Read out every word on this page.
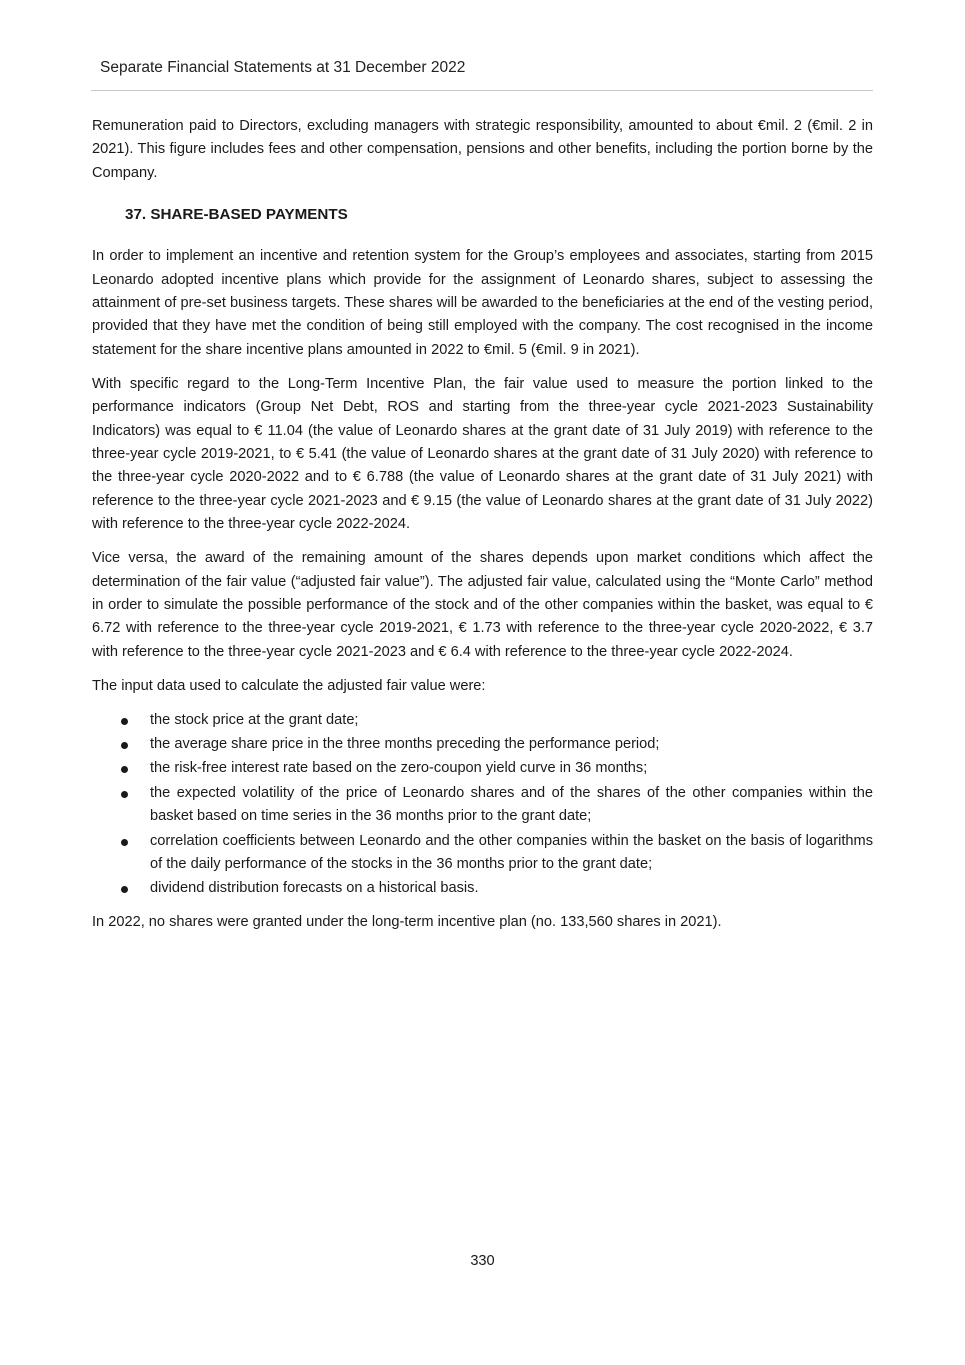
Separate Financial Statements at 31 December 2022

Remuneration paid to Directors, excluding managers with strategic responsibility, amounted to about €mil. 2 (€mil. 2 in 2021). This figure includes fees and other compensation, pensions and other benefits, including the portion borne by the Company.

37. SHARE-BASED PAYMENTS

In order to implement an incentive and retention system for the Group’s employees and associates, starting from 2015 Leonardo adopted incentive plans which provide for the assignment of Leonardo shares, subject to assessing the attainment of pre-set business targets. These shares will be awarded to the beneficiaries at the end of the vesting period, provided that they have met the condition of being still employed with the company. The cost recognised in the income statement for the share incentive plans amounted in 2022 to €mil. 5 (€mil. 9 in 2021).

With specific regard to the Long-Term Incentive Plan, the fair value used to measure the portion linked to the performance indicators (Group Net Debt, ROS and starting from the three-year cycle 2021-2023 Sustainability Indicators) was equal to € 11.04 (the value of Leonardo shares at the grant date of 31 July 2019) with reference to the three-year cycle 2019-2021, to € 5.41 (the value of Leonardo shares at the grant date of 31 July 2020) with reference to the three-year cycle 2020-2022 and to € 6.788 (the value of Leonardo shares at the grant date of 31 July 2021) with reference to the three-year cycle 2021-2023 and € 9.15 (the value of Leonardo shares at the grant date of 31 July 2022) with reference to the three-year cycle 2022-2024.

Vice versa, the award of the remaining amount of the shares depends upon market conditions which affect the determination of the fair value (“adjusted fair value”). The adjusted fair value, calculated using the “Monte Carlo” method in order to simulate the possible performance of the stock and of the other companies within the basket, was equal to € 6.72 with reference to the three-year cycle 2019-2021, € 1.73 with reference to the three-year cycle 2020-2022, € 3.7 with reference to the three-year cycle 2021-2023 and € 6.4 with reference to the three-year cycle 2022-2024.

The input data used to calculate the adjusted fair value were:

the stock price at the grant date;
the average share price in the three months preceding the performance period;
the risk-free interest rate based on the zero-coupon yield curve in 36 months;
the expected volatility of the price of Leonardo shares and of the shares of the other companies within the basket based on time series in the 36 months prior to the grant date;
correlation coefficients between Leonardo and the other companies within the basket on the basis of logarithms of the daily performance of the stocks in the 36 months prior to the grant date;
dividend distribution forecasts on a historical basis.

In 2022, no shares were granted under the long-term incentive plan (no. 133,560 shares in 2021).

330
